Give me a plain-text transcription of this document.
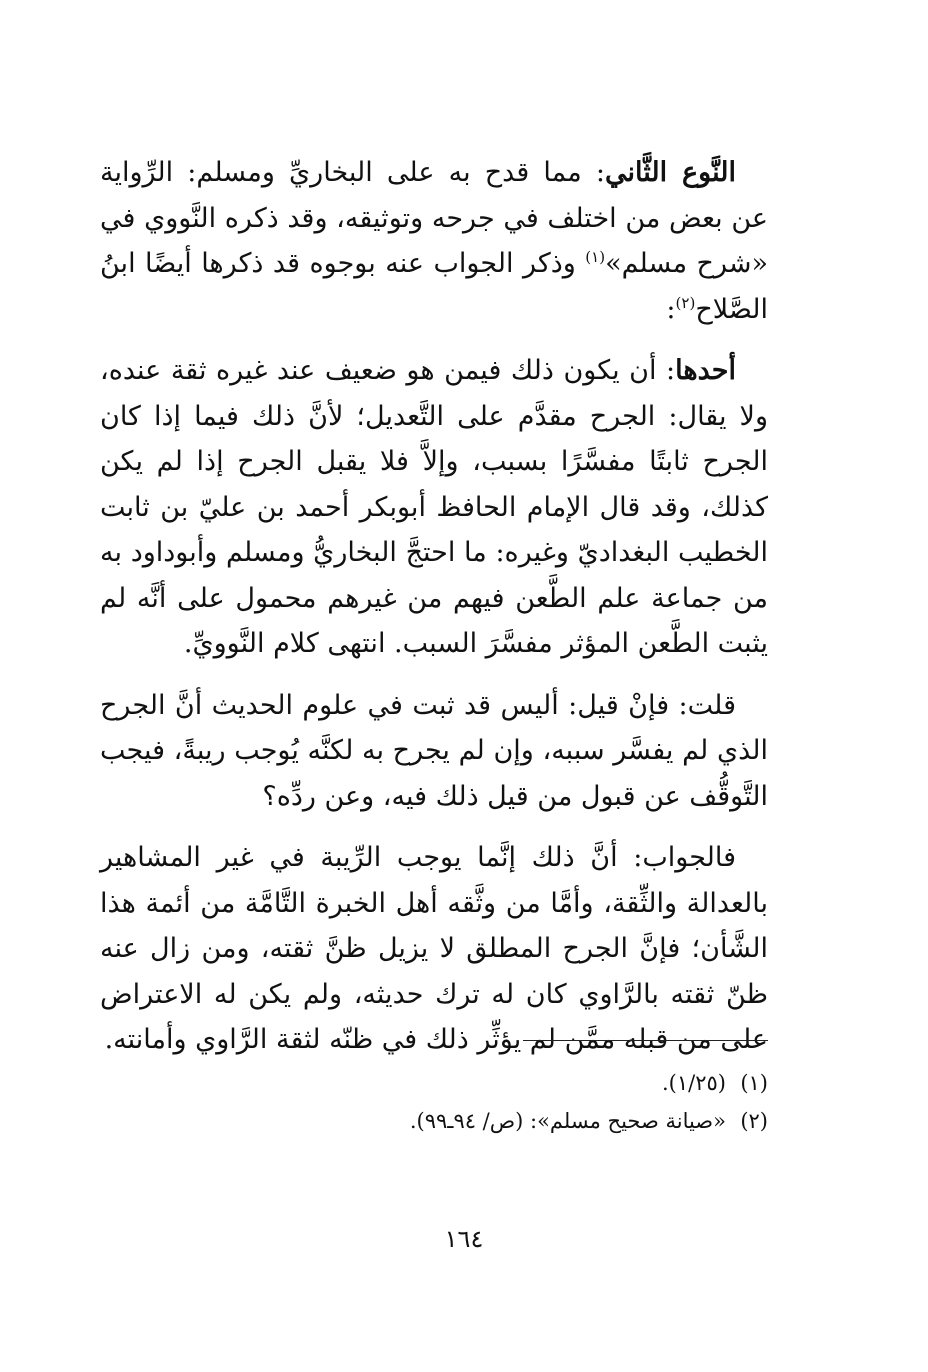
النَّوع الثَّاني: مما قدح به على البخاريِّ ومسلم: الرِّواية عن بعض من اختلف في جرحه وتوثيقه، وقد ذكره النَّووي في «شرح مسلم»$^{(١)}$ وذكر الجواب عنه بوجوه قد ذكرها أيضًا ابنُ الصَّلاح$^{(٢)}$:

أحدها: أن يكون ذلك فيمن هو ضعيف عند غيره ثقة عنده، ولا يقال: الجرح مقدَّم على التَّعديل؛ لأنَّ ذلك فيما إذا كان الجرح ثابتًا مفسَّرًا بسبب، وإلاَّ فلا يقبل الجرح إذا لم يكن كذلك، وقد قال الإمام الحافظ أبوبكر أحمد بن عليّ بن ثابت الخطيب البغداديّ وغيره: ما احتجَّ البخاريُّ ومسلم وأبوداود به من جماعة علم الطَّعن فيهم من غيرهم محمول على أنَّه لم يثبت الطَّعن المؤثر مفسَّرَ السبب. انتهى كلام النَّوويِّ.

قلت: فإنْ قيل: أليس قد ثبت في علوم الحديث أنَّ الجرح الذي لم يفسَّر سببه، وإن لم يجرح به لكنَّه يُوجب ريبةً، فيجب التَّوقُّف عن قبول من قيل ذلك فيه، وعن ردِّه؟

فالجواب: أنَّ ذلك إنَّما يوجب الرِّيبة في غير المشاهير بالعدالة والثِّقة، وأمَّا من وثَّقه أهل الخبرة التَّامَّة من أئمة هذا الشَّأن؛ فإنَّ الجرح المطلق لا يزيل ظنَّ ثقته، ومن زال عنه ظنّ ثقته بالرَّاوي كان له ترك حديثه، ولم يكن له الاعتراض على من قبله ممَّن لم يؤثِّر ذلك في ظنّه لثقة الرَّاوي وأمانته.

(١)(١/٢٥).
(٢)«صيانة صحيح مسلم»: (ص/ ٩٤ـ٩٩).
١٦٤
